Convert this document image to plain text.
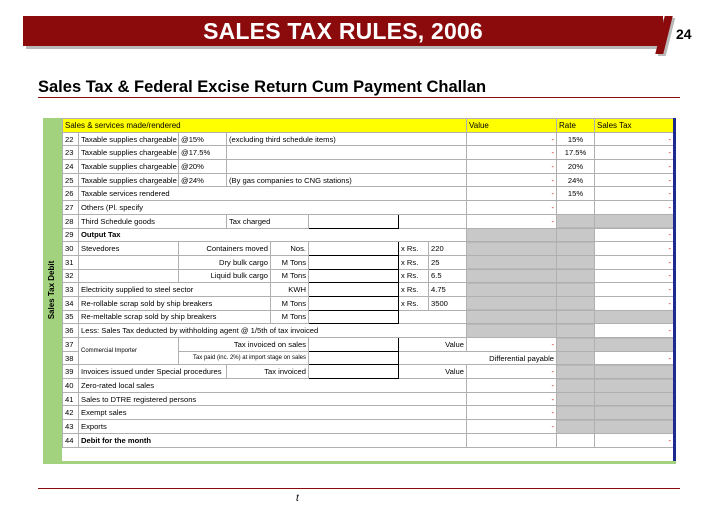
SALES TAX RULES, 2006	24
Sales Tax & Federal Excise Return Cum Payment Challan
Sales Tax Debit
Sales & services made/rendered								Value	Rate	Sales Tax
22	Taxable supplies chargeable	@15%	(excluding third schedule items)					-	15%	-
23	Taxable supplies chargeable	@17.5%						-	17.5%	-
24	Taxable supplies chargeable	@20%						-	20%	-
25	Taxable supplies chargeable	@24%	(By gas companies to CNG stations)					-	24%	-
26	Taxable services rendered							-	15%	-
27	Others (Pl. specify							-		-
28	Third Schedule goods		Tax charged					-		
29	Output Tax									-
30	Stevedores	Containers moved		Nos.		x Rs.	220			-
31		Dry bulk cargo		M Tons		x Rs.	25			-
32		Liquid bulk cargo		M Tons		x Rs.	6.5			-
33	Electricity supplied to steel sector			KWH		x Rs.	4.75			-
34	Re-rollable scrap sold by ship breakers			M Tons		x Rs.	3500			-
35	Re-meltable scrap sold by ship breakers			M Tons						
36	Less: Sales Tax deducted by withholding agent @ 1/5th of tax invoiced									-
37	Commercial Importer	Tax invoiced on sales				Value		-		
38		Tax paid (inc. 2%) at import stage on sales				Differential payable				-
39	Invoices issued under Special procedures		Tax invoiced			Value		-		
40	Zero-rated local sales							-		
41	Sales to DTRE registered persons							-		
42	Exempt sales							-		
43	Exports							-		
44	Debit for the month									-
t
